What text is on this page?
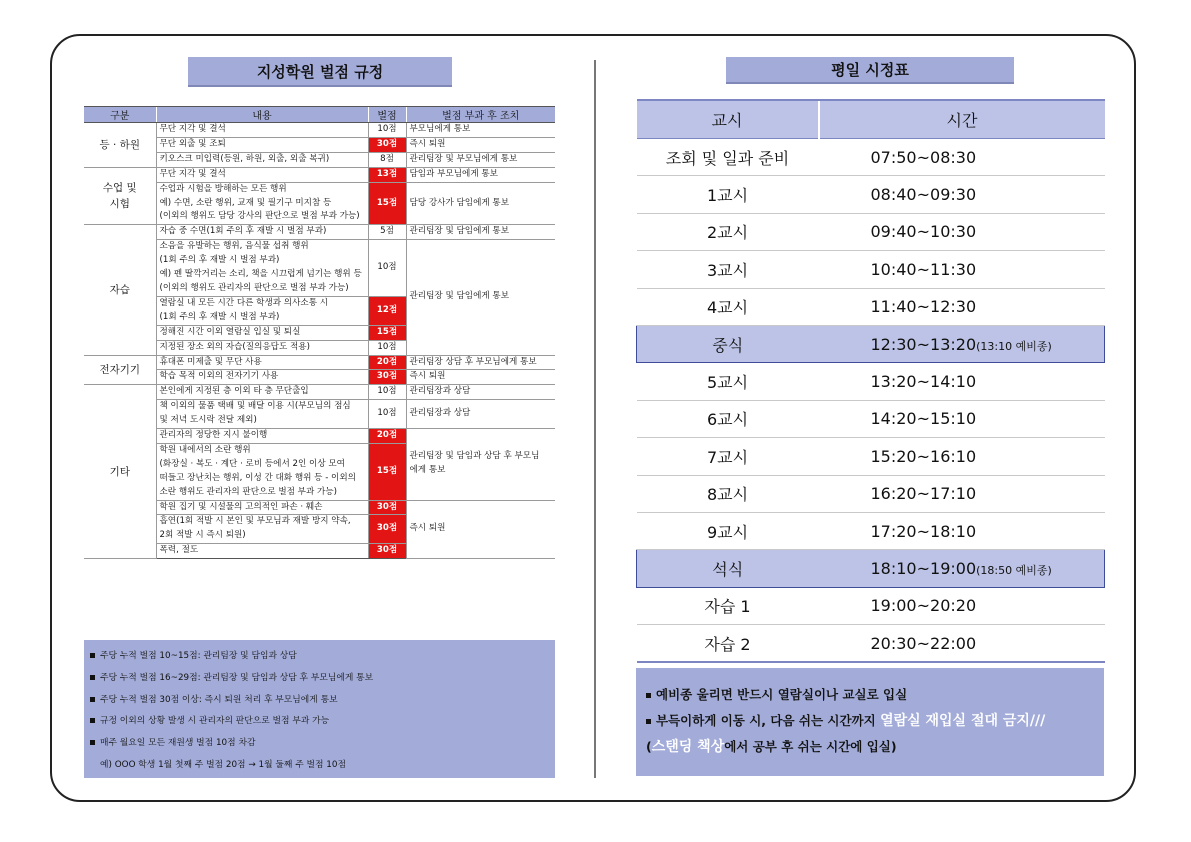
지성학원 벌점 규정
구분	내용	벌점	벌점 부과 후 조치
등 · 하원	무단 지각 및 결석	10점	부모님에게 통보
	무단 외출 및 조퇴	30점	즉시 퇴원
	키오스크 미입력(등원, 하원, 외출, 외출 복귀)	8점	관리팀장 및 부모님에게 통보

수업 및
시험	무단 지각 및 결석	13점	담임과 부모님에게 통보

	수업과 시험을 방해하는 모든 행위
예) 수면, 소란 행위, 교재 및 필기구 미지참 등
(이외의 행위도 담당 강사의 판단으로 벌점 부과 가능)	15점	담당 강사가 담임에게 통보
자습	자습 중 수면(1회 주의 후 재발 시 벌점 부과)	5점	관리팀장 및 담임에게 통보

	소음을 유발하는 행위, 음식물 섭취 행위
(1회 주의 후 재발 시 벌점 부과)
예) 펜 딸깍거리는 소리, 책을 시끄럽게 넘기는 행위 등
(이외의 행위도 관리자의 판단으로 벌점 부과 가능)	10점	관리팀장 및 담임에게 통보

	열람실 내 모든 시간 다른 학생과 의사소통 시
(1회 주의 후 재발 시 벌점 부과)	12점	
	정해진 시간 이외 열람실 입실 및 퇴실	15점	
	지정된 장소 외의 자습(질의응답도 적용)	10점	
전자기기	휴대폰 미제출 및 무단 사용	20점	관리팀장 상담 후 부모님에게 통보
	학습 목적 이외의 전자기기 사용	30점	즉시 퇴원
기타	본인에게 지정된 층 이외 타 층 무단출입	10점	관리팀장과 상담

	책 이외의 물품 택배 및 배달 이용 시(부모님의 점심
및 저녁 도시락 전달 제외)	10점	관리팀장과 상담
	관리자의 정당한 지시 불이행	20점	관리팀장 및 담임과 상담 후 부모님
에게 통보

	학원 내에서의 소란 행위
(화장실 · 복도 · 계단 · 로비 등에서 2인 이상 모여
떠들고 장난치는 행위, 이성 간 대화 행위 등 - 이외의
소란 행위도 관리자의 판단으로 벌점 부과 가능)	15점	
	학원 집기 및 시설물의 고의적인 파손 · 훼손	30점	즉시 퇴원

	흡연(1회 적발 시 본인 및 부모님과 재발 방지 약속,
2회 적발 시 즉시 퇴원)	30점	
	폭력, 절도	30점	
주당 누적 벌점 10~15점: 관리팀장 및 담임과 상담
주당 누적 벌점 16~29점: 관리팀장 및 담임과 상담 후 부모님에게 통보
주당 누적 벌점 30점 이상: 즉시 퇴원 처리 후 부모님에게 통보
규정 이외의 상황 발생 시 관리자의 판단으로 벌점 부과 가능
매주 월요일 모든 재원생 벌점 10점 차감
예) OOO 학생 1월 첫째 주 벌점 20점 → 1월 둘째 주 벌점 10점
평일 시정표
교시	시간
조회 및 일과 준비	07:50~08:30
1교시	08:40~09:30
2교시	09:40~10:30
3교시	10:40~11:30
4교시	11:40~12:30
중식	12:30~13:20(13:10 예비종)
5교시	13:20~14:10
6교시	14:20~15:10
7교시	15:20~16:10
8교시	16:20~17:10
9교시	17:20~18:10
석식	18:10~19:00(18:50 예비종)
자습 1	19:00~20:20
자습 2	20:30~22:00
예비종 울리면 반드시 열람실이나 교실로 입실
부득이하게 이동 시, 다음 쉬는 시간까지 열람실 재입실 절대 금지///
(스탠딩 책상에서 공부 후 쉬는 시간에 입실)
